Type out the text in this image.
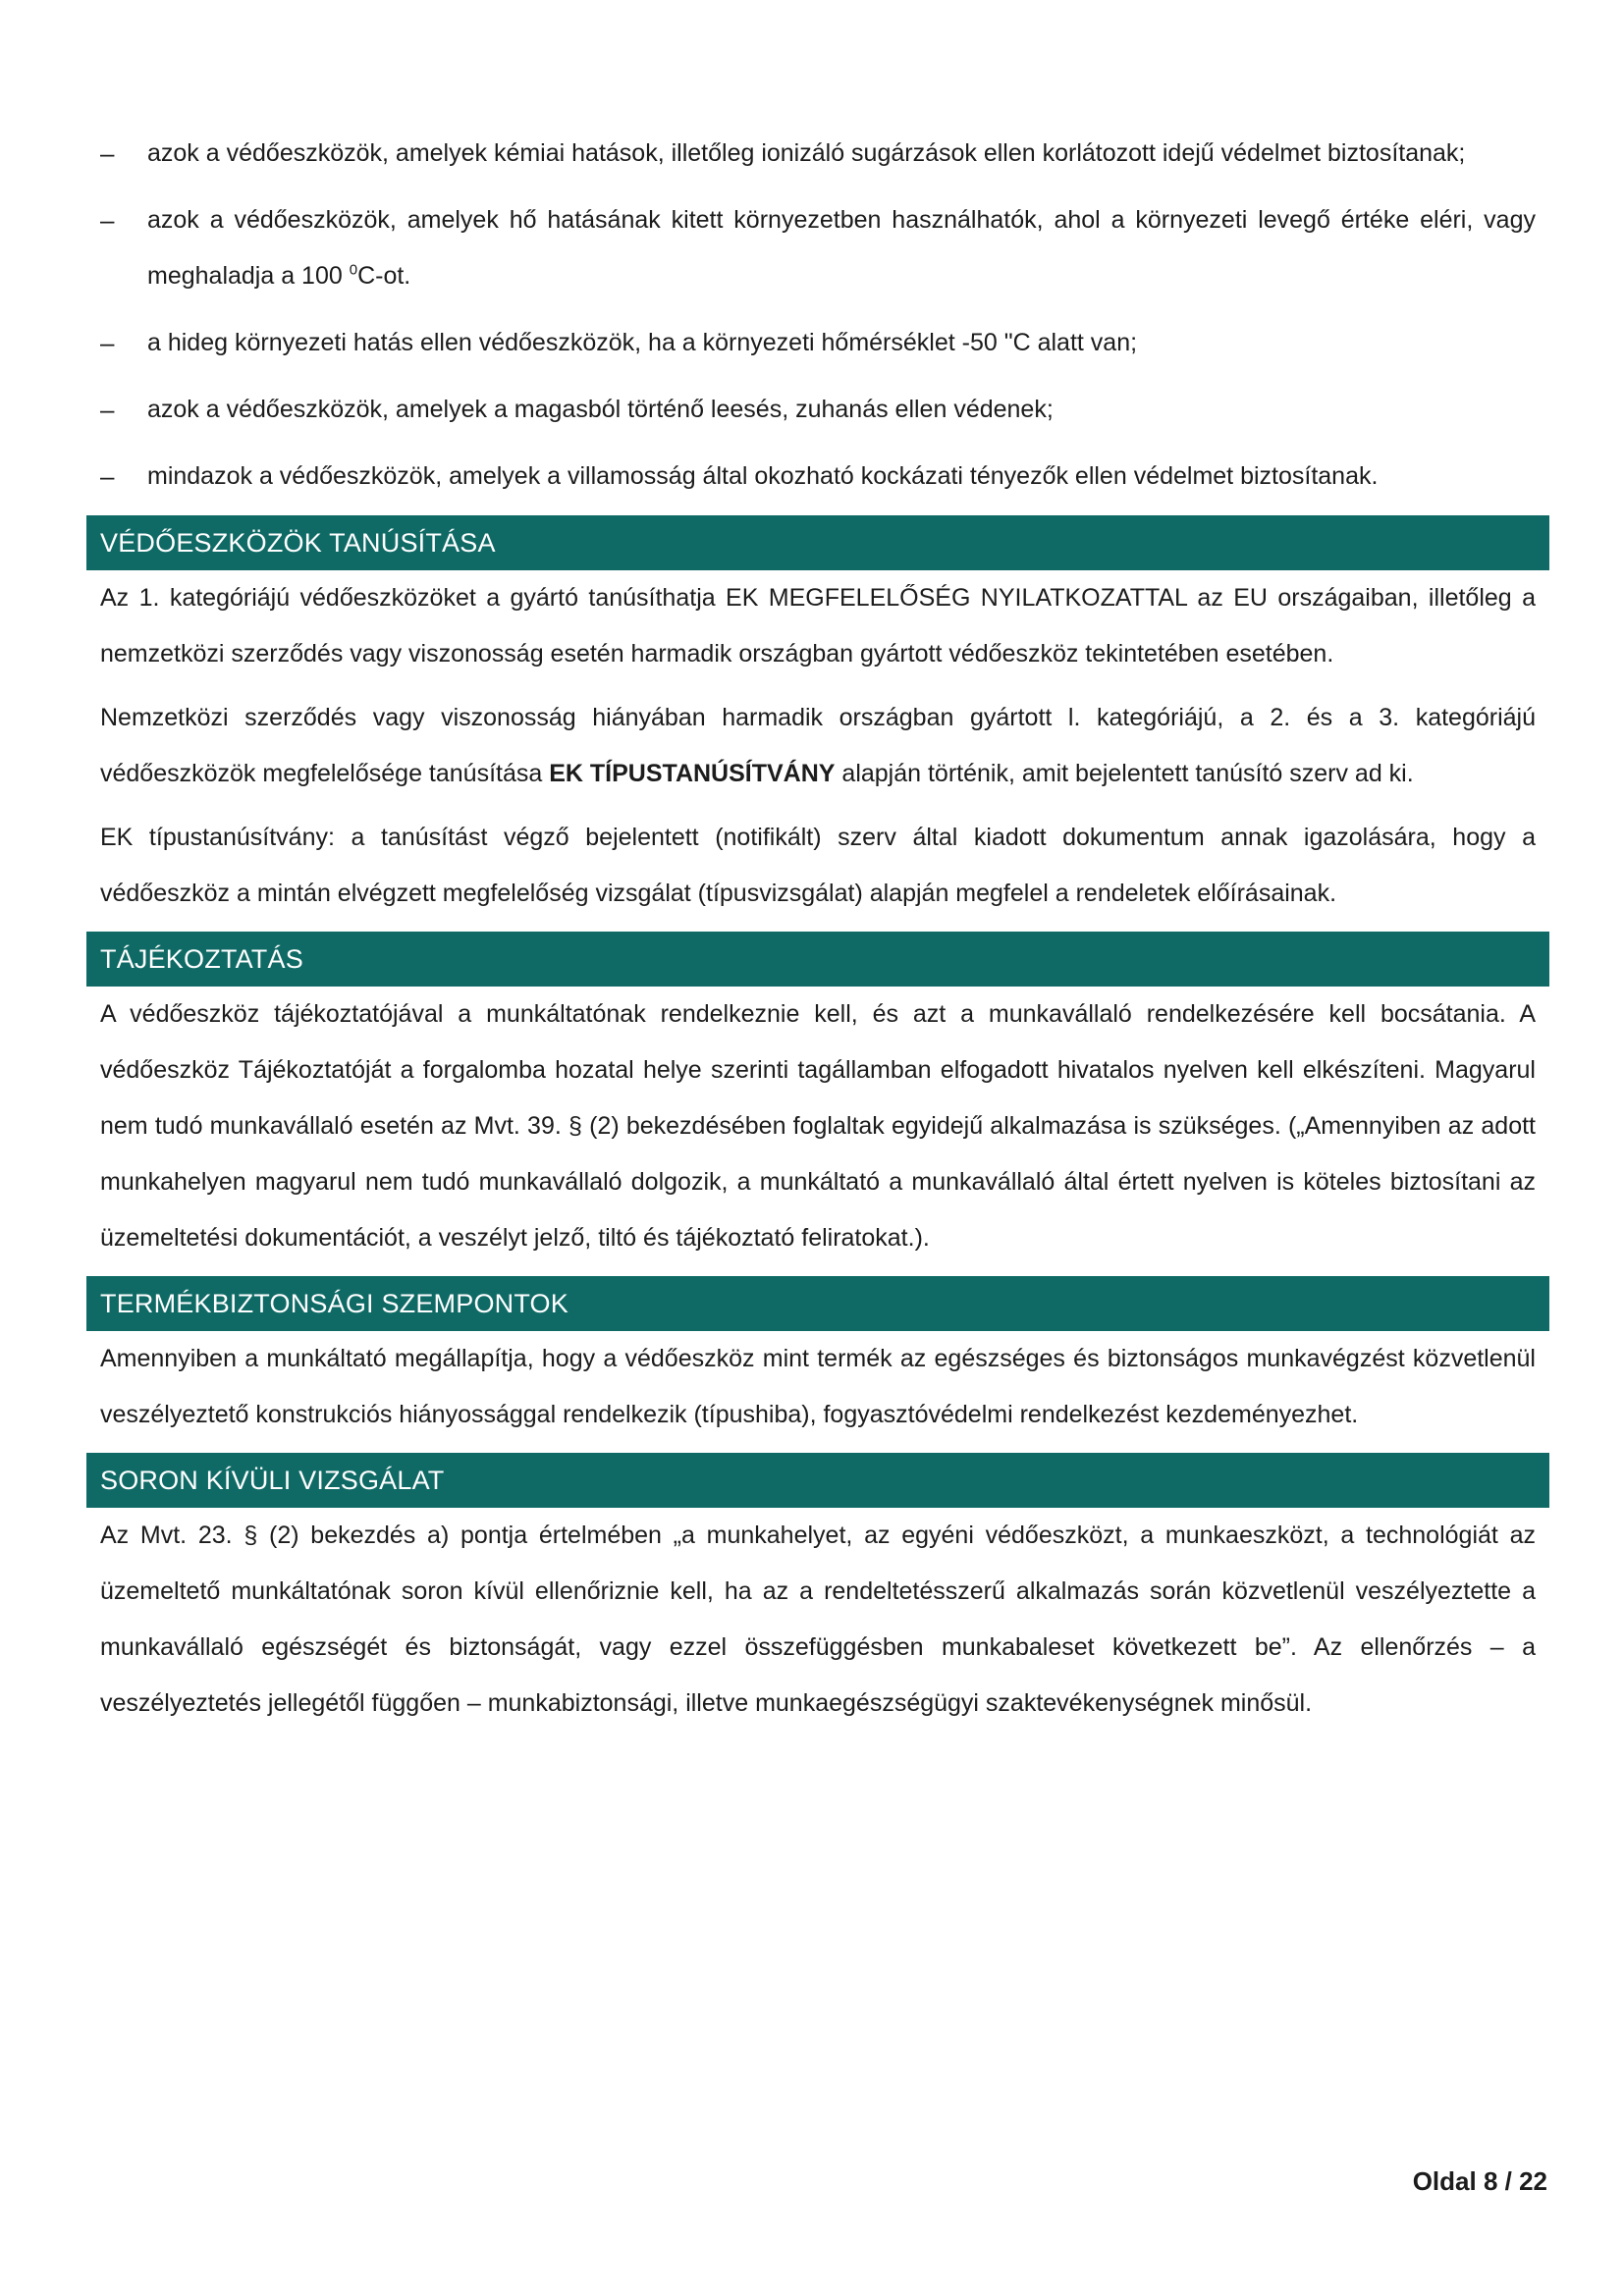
– azok a védőeszközök, amelyek kémiai hatások, illetőleg ionizáló sugárzások ellen korlátozott idejű védelmet biztosítanak;
– azok a védőeszközök, amelyek hő hatásának kitett környezetben használhatók, ahol a környezeti levegő értéke eléri, vagy meghaladja a 100 $^0$C-ot.
– a hideg környezeti hatás ellen védőeszközök, ha a környezeti hőmérséklet -50 "C alatt van;
– azok a védőeszközök, amelyek a magasból történő leesés, zuhanás ellen védenek;
– mindazok a védőeszközök, amelyek a villamosság által okozható kockázati tényezők ellen védelmet biztosítanak.
VÉDŐESZKÖZÖK TANÚSÍTÁSA

Az 1. kategóriájú védőeszközöket a gyártó tanúsíthatja EK MEGFELELŐSÉG NYILATKOZATTAL az EU országaiban, illetőleg a nemzetközi szerződés vagy viszonosság esetén harmadik országban gyártott védőeszköz tekintetében esetében.

Nemzetközi szerződés vagy viszonosság hiányában harmadik országban gyártott l. kategóriájú, a 2. és a 3. kategóriájú védőeszközök megfelelősége tanúsítása EK TÍPUSTANÚSÍTVÁNY alapján történik, amit bejelentett tanúsító szerv ad ki.

EK típustanúsítvány: a tanúsítást végző bejelentett (notifikált) szerv által kiadott dokumentum annak igazolására, hogy a védőeszköz a mintán elvégzett megfelelőség vizsgálat (típusvizsgálat) alapján megfelel a rendeletek előírásainak.

TÁJÉKOZTATÁS

A védőeszköz tájékoztatójával a munkáltatónak rendelkeznie kell, és azt a munkavállaló rendelkezésére kell bocsátania. A védőeszköz Tájékoztatóját a forgalomba hozatal helye szerinti tagállamban elfogadott hivatalos nyelven kell elkészíteni. Magyarul nem tudó munkavállaló esetén az Mvt. 39. § (2) bekezdésében foglaltak egyidejű alkalmazása is szükséges. („Amennyiben az adott munkahelyen magyarul nem tudó munkavállaló dolgozik, a munkáltató a munkavállaló által értett nyelven is köteles biztosítani az üzemeltetési dokumentációt, a veszélyt jelző, tiltó és tájékoztató feliratokat.).

TERMÉKBIZTONSÁGI SZEMPONTOK

Amennyiben a munkáltató megállapítja, hogy a védőeszköz mint termék az egészséges és biztonságos munkavégzést közvetlenül veszélyeztető konstrukciós hiányossággal rendelkezik (típushiba), fogyasztóvédelmi rendelkezést kezdeményezhet.

SORON KÍVÜLI VIZSGÁLAT

Az Mvt. 23. § (2) bekezdés a) pontja értelmében „a munkahelyet, az egyéni védőeszközt, a munkaeszközt, a technológiát az üzemeltető munkáltatónak soron kívül ellenőriznie kell, ha az a rendeltetésszerű alkalmazás során közvetlenül veszélyeztette a munkavállaló egészségét és biztonságát, vagy ezzel összefüggésben munkabaleset következett be”. Az ellenőrzés – a veszélyeztetés jellegétől függően – munkabiztonsági, illetve munkaegészségügyi szaktevékenységnek minősül.

Oldal 8 / 22
